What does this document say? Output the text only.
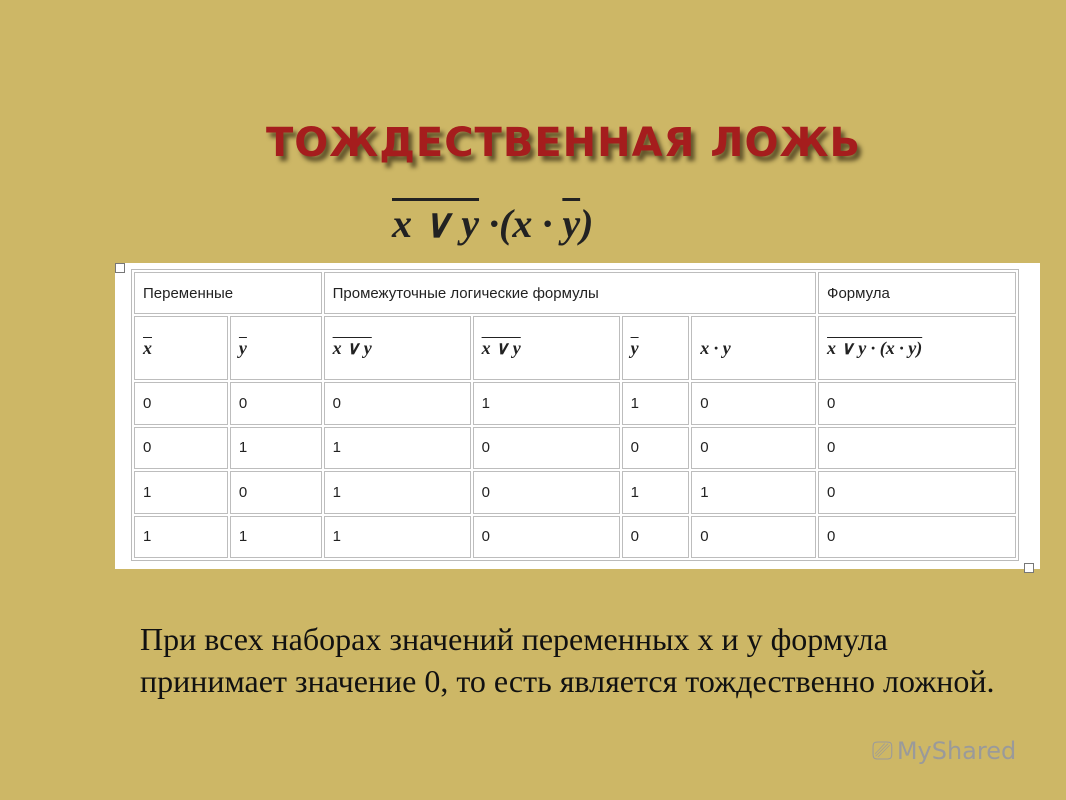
ТОЖДЕСТВЕННАЯ ЛОЖЬ
x ∨ $y \cdot(x \cdot \overline{y})$
Переменные		Промежуточные логические формулы				Формула
$\overline{x}$	$\overline{y}$	x ∨ y	x ∨ y	$\overline{y}$	x · y	x ∨ y · (x · y)
0	0	0	1	1	0	0
0	1	1	0	0	0	0
1	0	1	0	1	1	0
1	1	1	0	0	0	0
При всех наборах значений переменных x и y формула принимает значение 0, то есть является тождественно ложной.
⎚ MyShared
